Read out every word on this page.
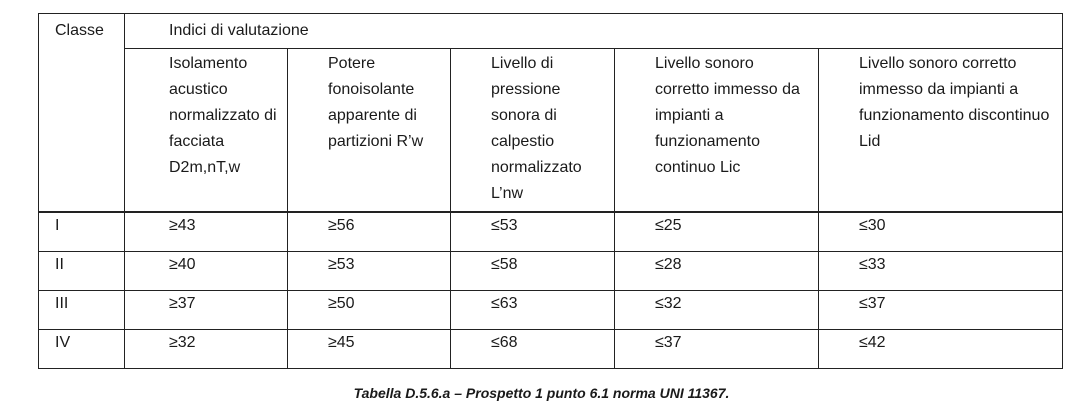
Classe	Indici di valutazione				

	Isolamento acustico normalizzato di facciata D2m,nT,w	Potere fonoisolante apparente di partizioni R’w	Livello di pressione sonora di calpestio normalizzato L’nw	Livello sonoro corretto immesso da impianti a funzionamento continuo Lic	Livello sonoro corretto immesso da impianti a funzionamento discontinuo Lid

I	≥43	≥56	≤53	≤25	≤30

II	≥40	≥53	≤58	≤28	≤33

III	≥37	≥50	≤63	≤32	≤37

IV	≥32	≥45	≤68	≤37	≤42
Tabella D.5.6.a – Prospetto 1 punto 6.1 norma UNI 11367.
